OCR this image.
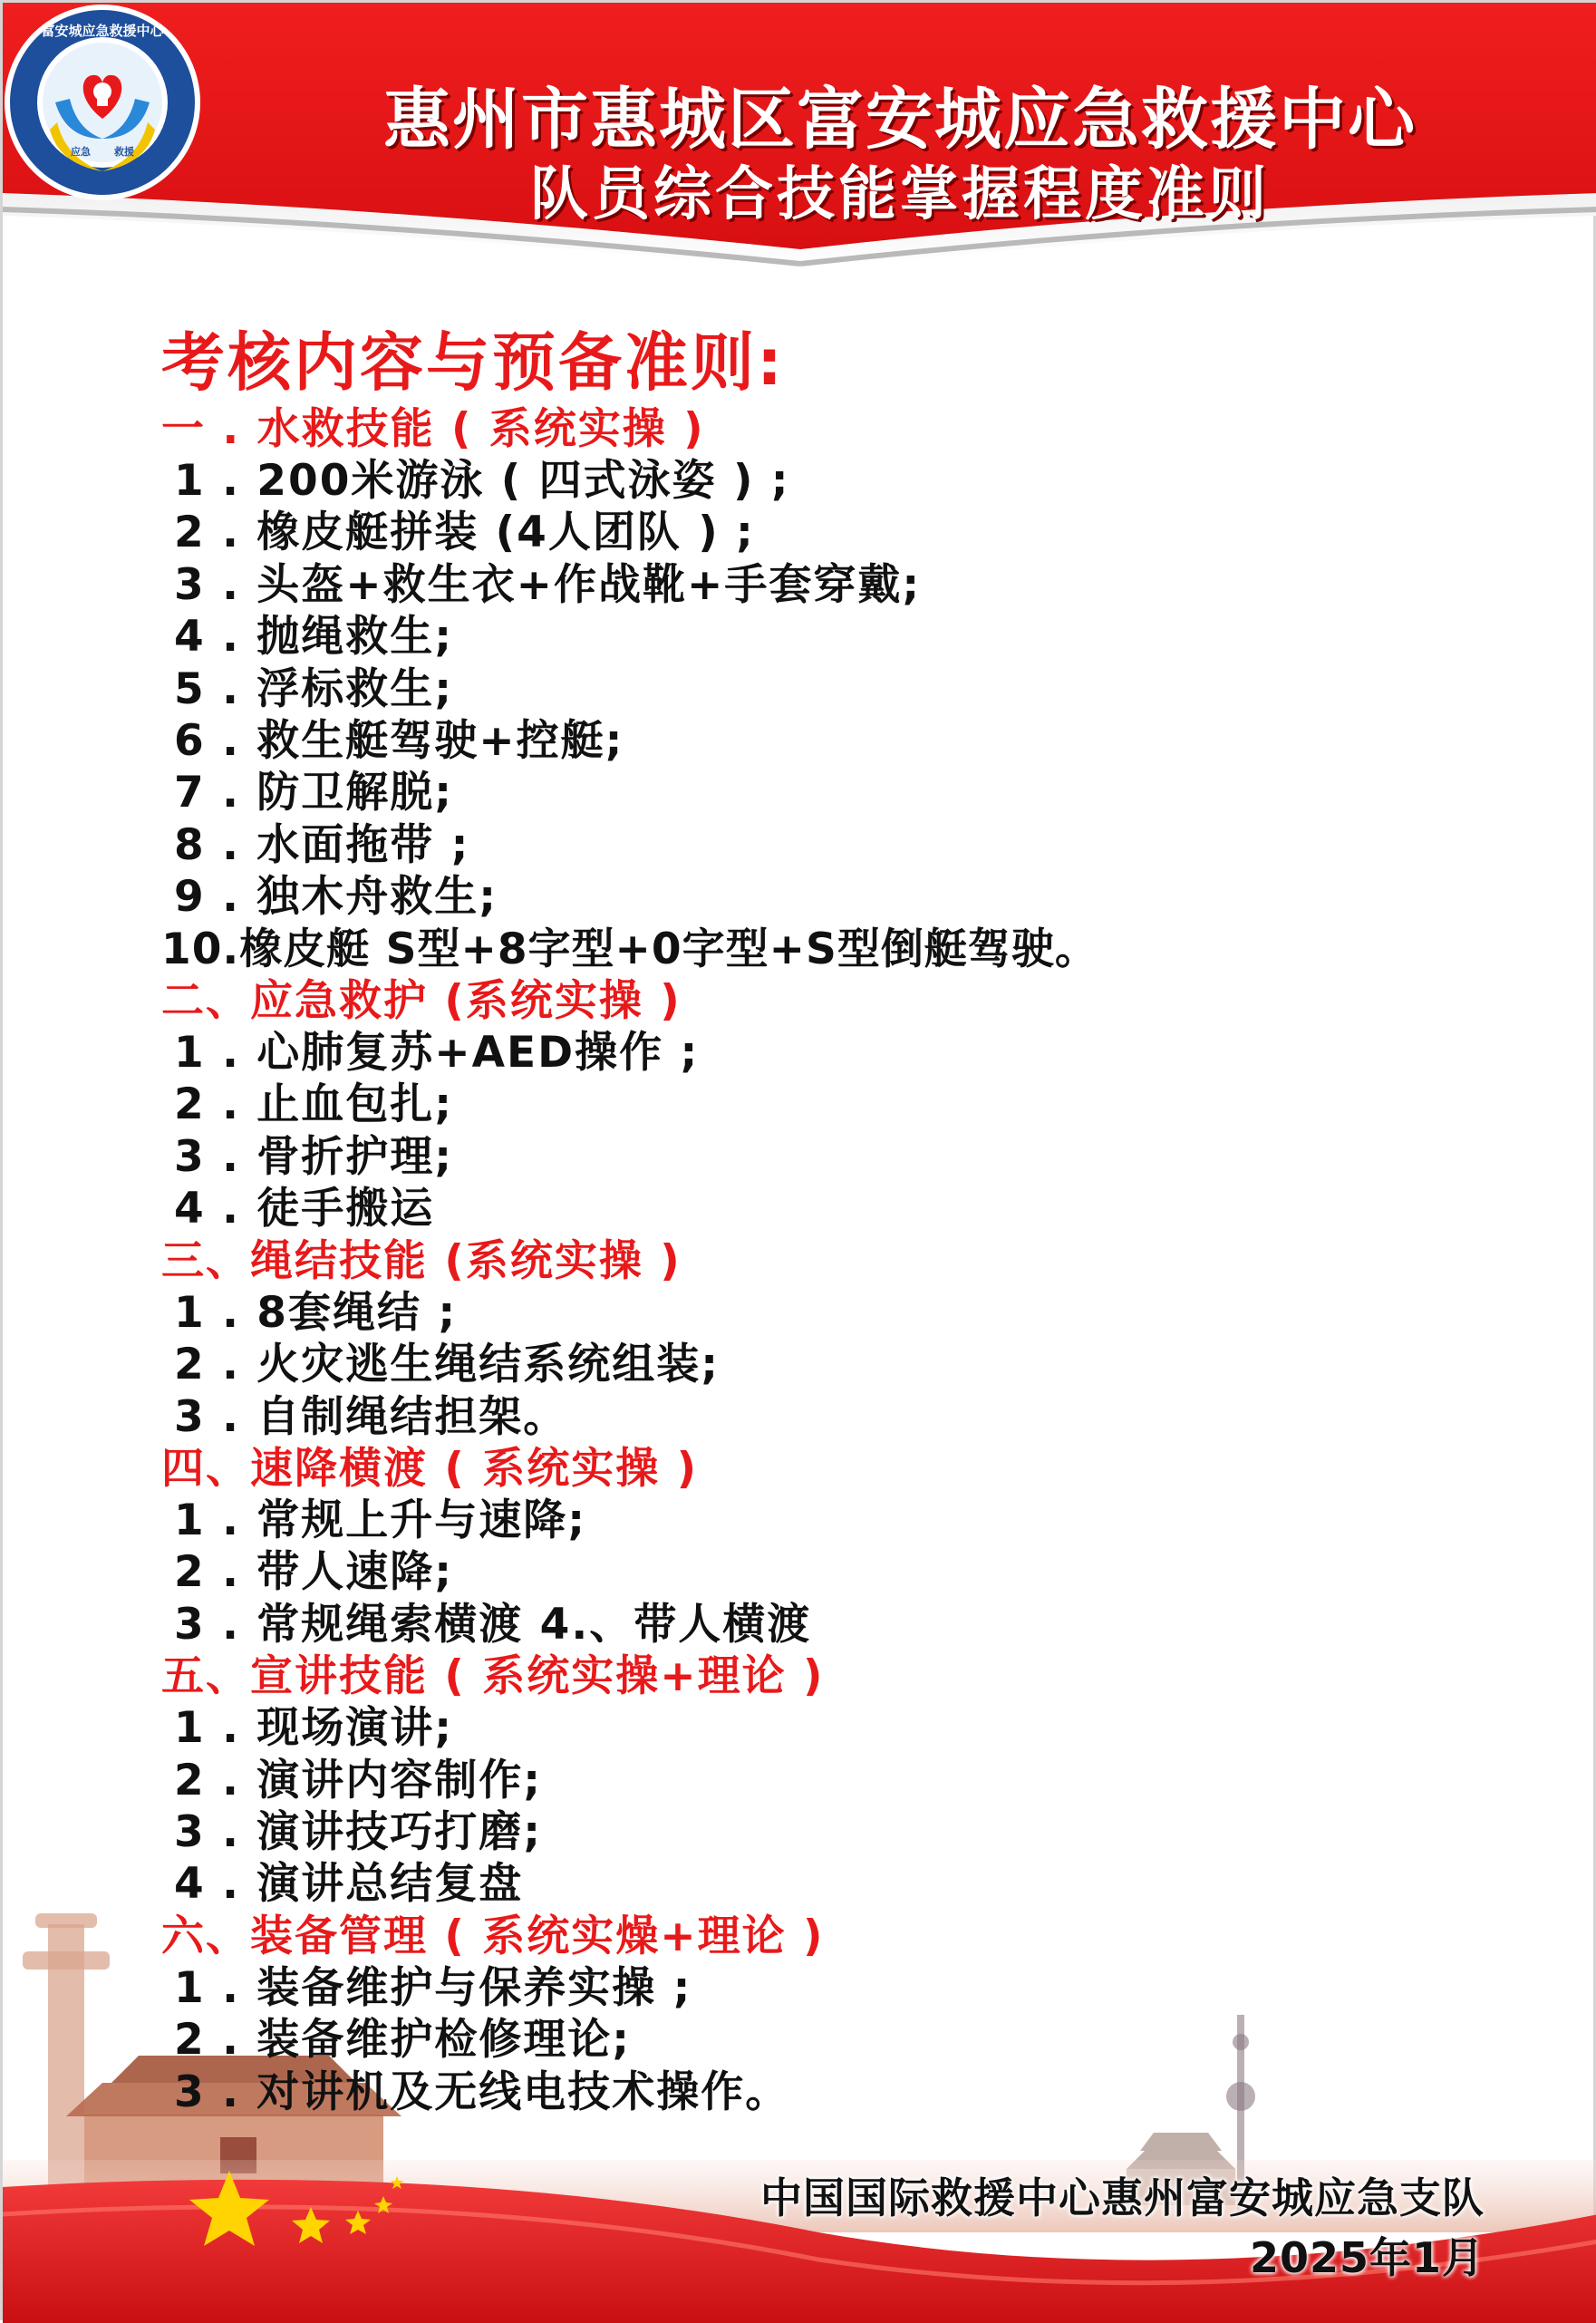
富安城应急救援中心
应急 救援	惠州市惠城区富安城应急救援中心
队员综合技能掌握程度准则
考核内容与预备准则:
一 . 水救技能 ( 系统实操 )
1 . 200米游泳 ( 四式泳姿 ) ;
2 . 橡皮艇拼装 (4人团队 ) ;
3 . 头盔+救生衣+作战靴+手套穿戴;
4 . 抛绳救生;
5 . 浮标救生;
6 . 救生艇驾驶+控艇;
7 . 防卫解脱;
8 . 水面拖带 ;
9 . 独木舟救生;
10.橡皮艇 S型+8字型+0字型+S型倒艇驾驶。
二、应急救护 (系统实操 )
1 . 心肺复苏+AED操作 ;
2 . 止血包扎;
3 . 骨折护理;
4 . 徒手搬运
三、绳结技能 (系统实操 )
1 . 8套绳结 ;
2 . 火灾逃生绳结系统组装;
3 . 自制绳结担架。
四、速降横渡 ( 系统实操 )
1 . 常规上升与速降;
2 . 带人速降;
3 . 常规绳索横渡 4.、带人横渡
五、宣讲技能 ( 系统实操+理论 )
1 . 现场演讲;
2 . 演讲内容制作;
3 . 演讲技巧打磨;
4 . 演讲总结复盘
六、装备管理 ( 系统实燥+理论 )
1 . 装备维护与保养实操 ;
2 . 装备维护检修理论;
3 . 对讲机及无线电技术操作。
中国国际救援中心惠州富安城应急支队
2025年1月
